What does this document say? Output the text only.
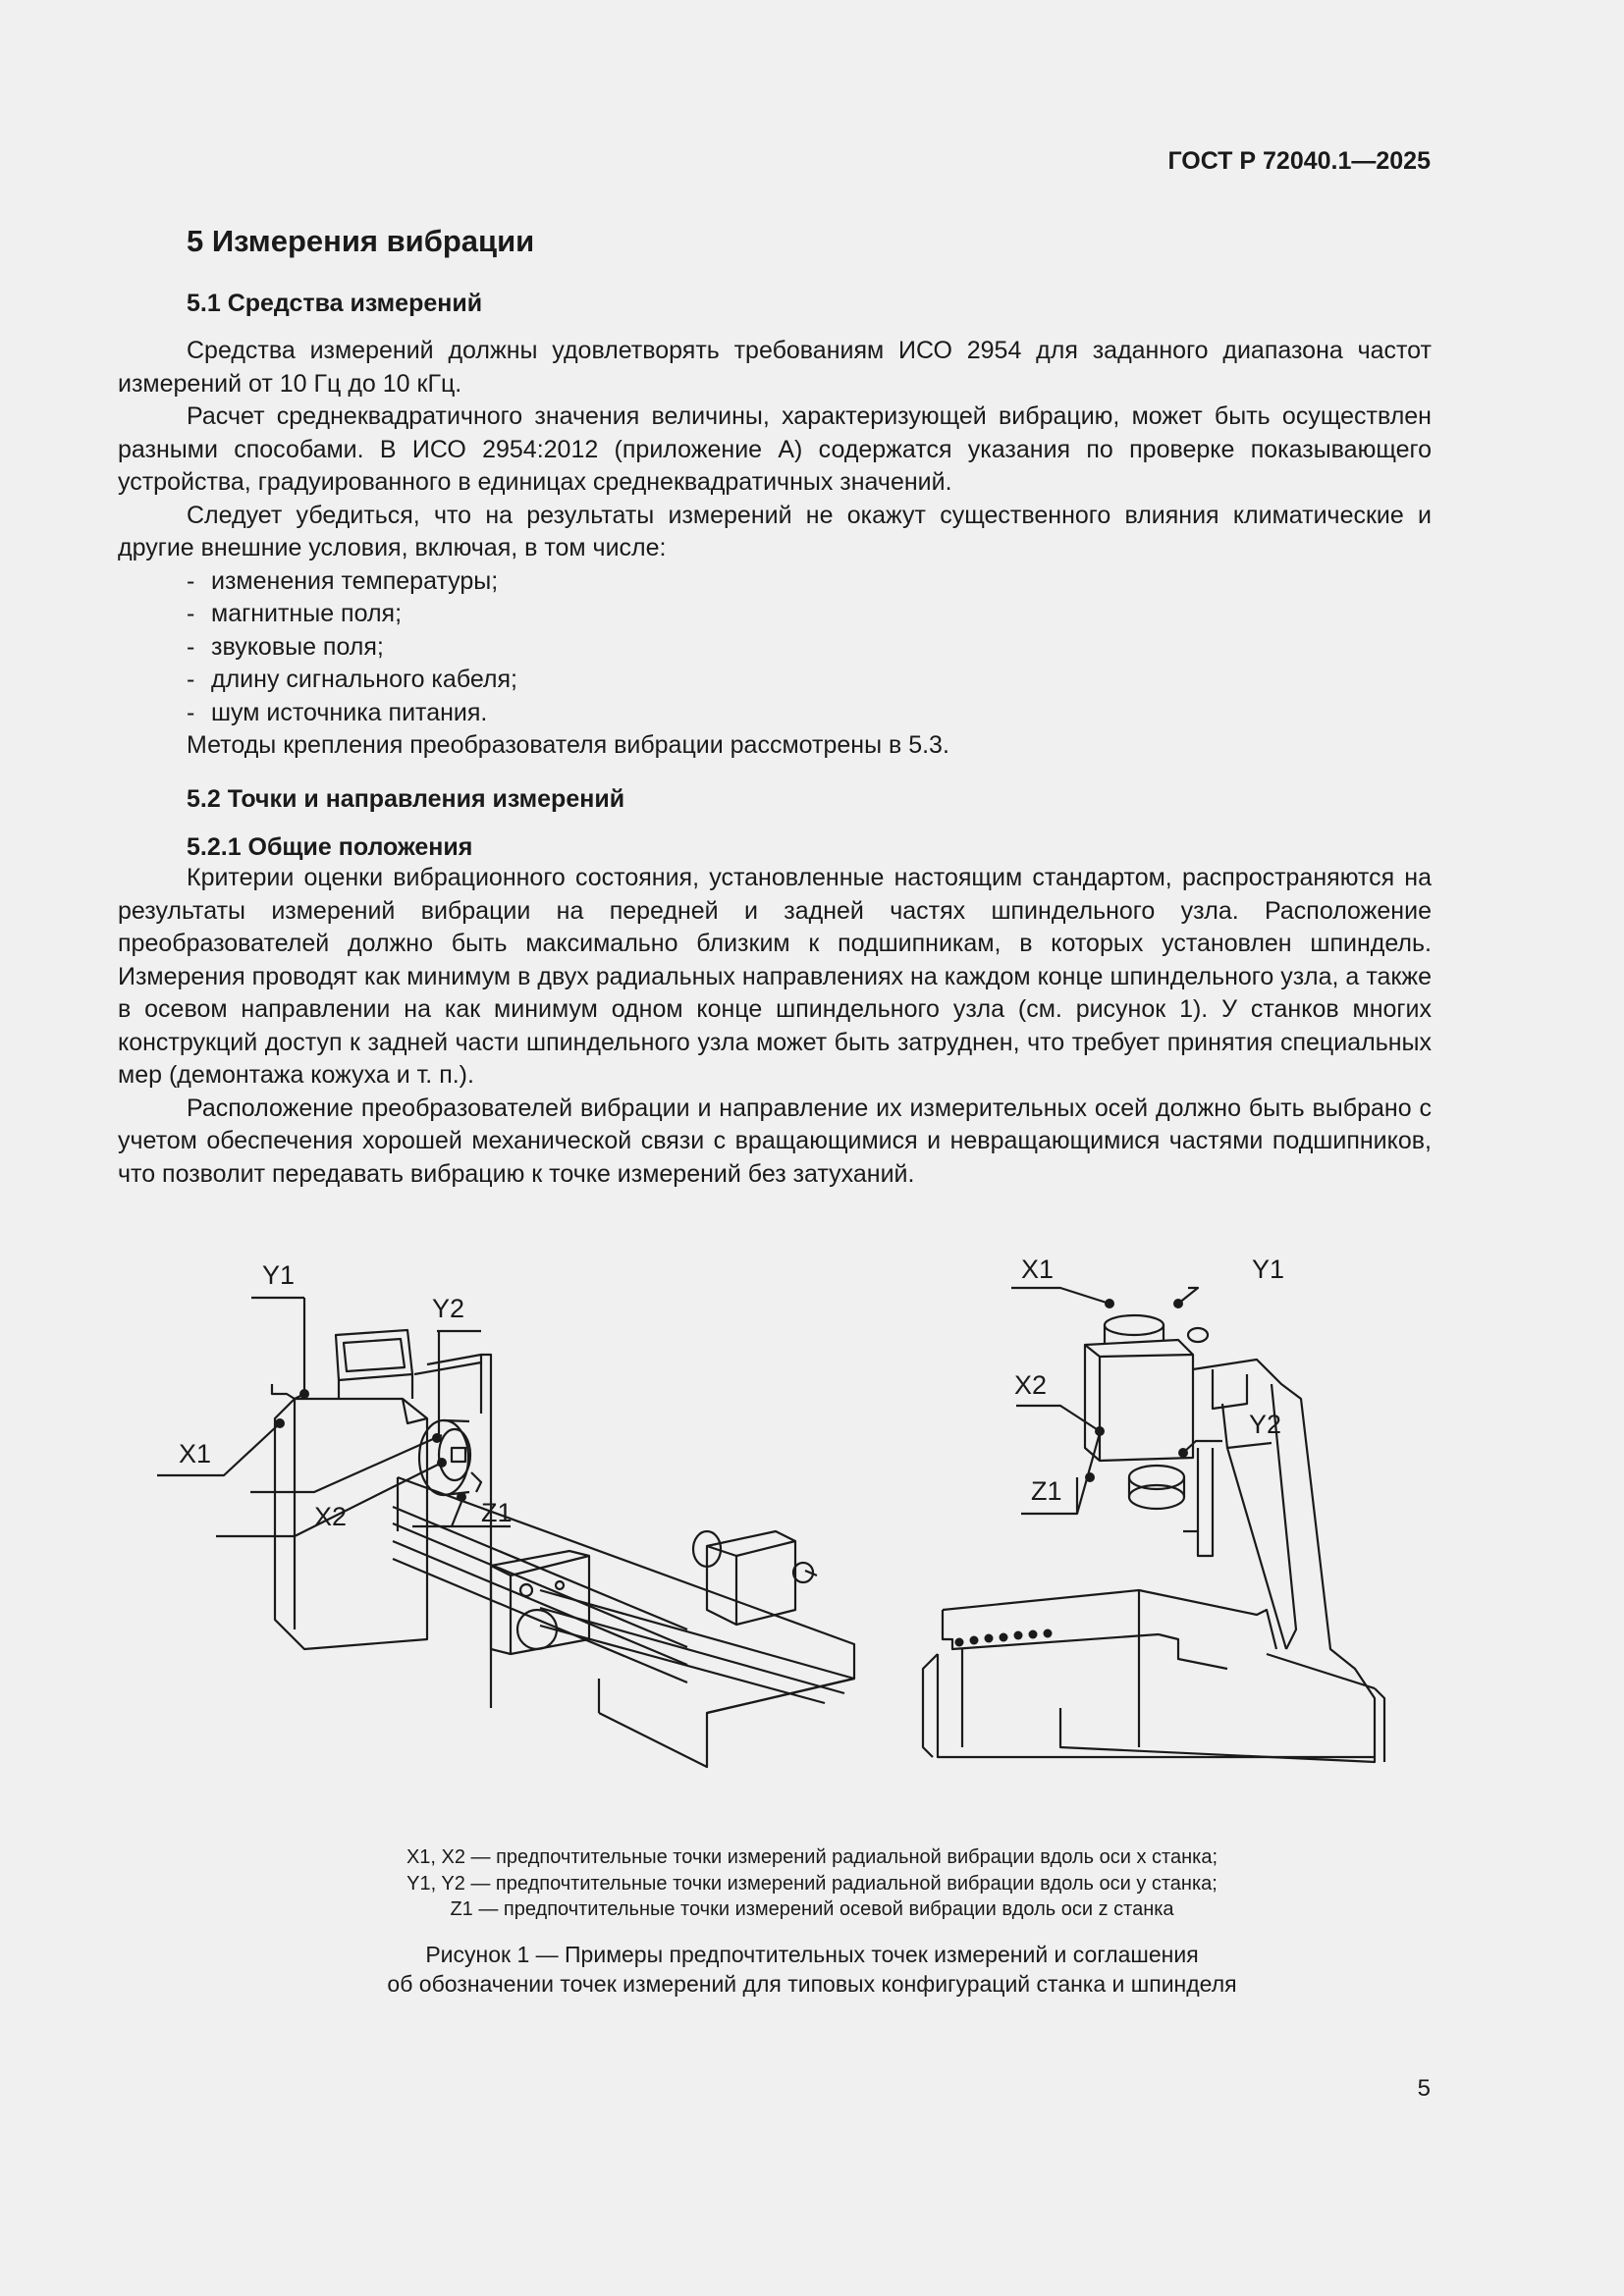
ГОСТ Р 72040.1—2025
5 Измерения вибрации
5.1 Средства измерений

Средства измерений должны удовлетворять требованиям ИСО 2954 для заданного диапазона частот измерений от 10 Гц до 10 кГц.

Расчет среднеквадратичного значения величины, характеризующей вибрацию, может быть осуществлен разными способами. В ИСО 2954:2012 (приложение А) содержатся указания по проверке показывающего устройства, градуированного в единицах среднеквадратичных значений.

Следует убедиться, что на результаты измерений не окажут существенного влияния климатические и другие внешние условия, включая, в том числе:

- изменения температуры;
- магнитные поля;
- звуковые поля;
- длину сигнального кабеля;
- шум источника питания.
Методы крепления преобразователя вибрации рассмотрены в 5.3.
5.2 Точки и направления измерений
5.2.1 Общие положения

Критерии оценки вибрационного состояния, установленные настоящим стандартом, распространяются на результаты измерений вибрации на передней и задней частях шпиндельного узла. Расположение преобразователей должно быть максимально близким к подшипникам, в которых установлен шпиндель. Измерения проводят как минимум в двух радиальных направлениях на каждом конце шпиндельного узла, а также в осевом направлении на как минимум одном конце шпиндельного узла (см. рисунок 1). У станков многих конструкций доступ к задней части шпиндельного узла может быть затруднен, что требует принятия специальных мер (демонтажа кожуха и т. п.).

Расположение преобразователей вибрации и направление их измерительных осей должно быть выбрано с учетом обеспечения хорошей механической связи с вращающимися и невращающимися частями подшипников, что позволит передавать вибрацию к точке измерений без затуханий.

Y1
Y2
X1
X2	Z1
X1	Y1
X2
Y2
Z1
X1, X2 — предпочтительные точки измерений радиальной вибрации вдоль оси x станка;
Y1, Y2 — предпочтительные точки измерений радиальной вибрации вдоль оси y станка;
Z1 — предпочтительные точки измерений осевой вибрации вдоль оси z станка
Рисунок 1 — Примеры предпочтительных точек измерений и соглашения
об обозначении точек измерений для типовых конфигураций станка и шпинделя
5
